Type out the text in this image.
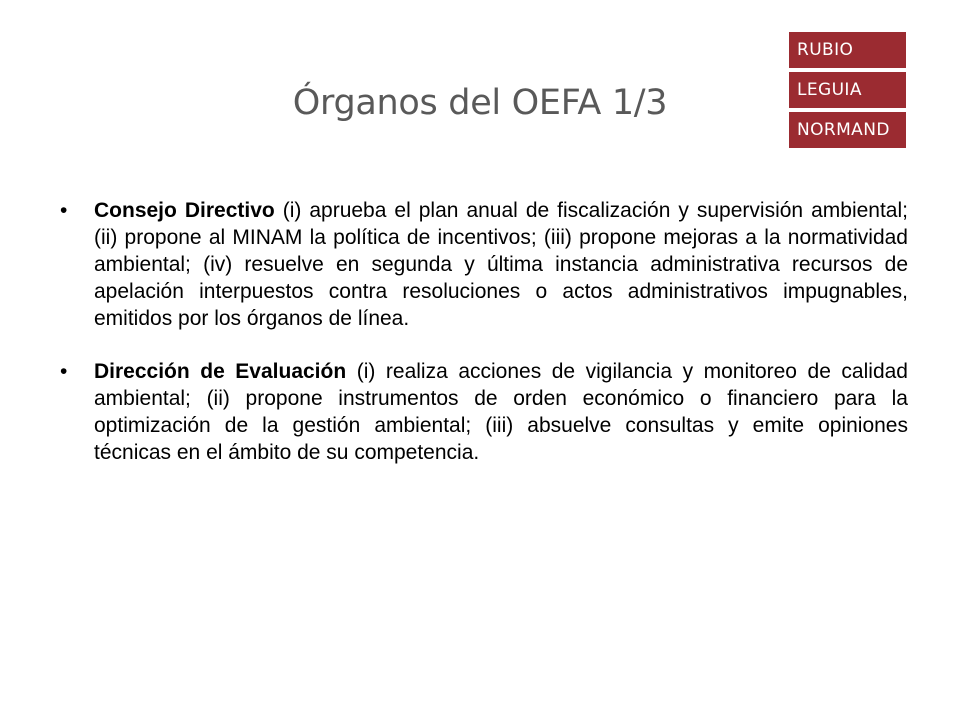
Órganos del OEFA 1/3
RUBIO
LEGUIA
NORMAND
• Consejo Directivo (i) aprueba el plan anual de fiscalización y supervisión ambiental; (ii) propone al MINAM la política de incentivos; (iii) propone mejoras a la normatividad ambiental; (iv) resuelve en segunda y última instancia administrativa recursos de apelación interpuestos contra resoluciones o actos administrativos impugnables, emitidos por los órganos de línea.
• Dirección de Evaluación (i) realiza acciones de vigilancia y monitoreo de calidad ambiental; (ii) propone instrumentos de orden económico o financiero para la optimización de la gestión ambiental; (iii) absuelve consultas y emite opiniones técnicas en el ámbito de su competencia.
